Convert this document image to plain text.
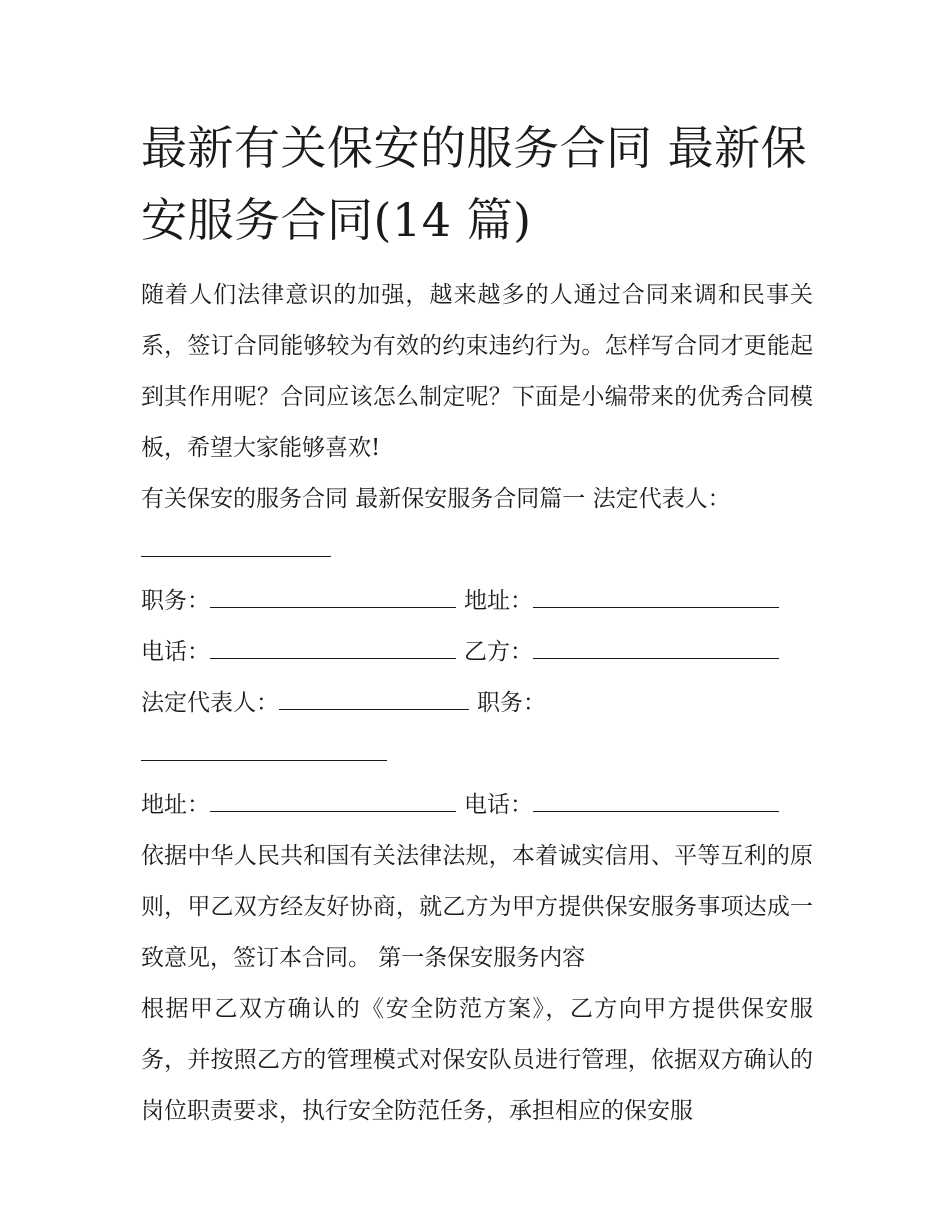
最新有关保安的服务合同 最新保安服务合同(14 篇)

随着人们法律意识的加强，越来越多的人通过合同来调和民事关系，签订合同能够较为有效的约束违约行为。怎样写合同才更能起到其作用呢？合同应该怎么制定呢？下面是小编带来的优秀合同模板，希望大家能够喜欢!

有关保安的服务合同 最新保安服务合同篇一 法定代表人：

职务：	地址：

电话：	乙方：

法定代表人：	职务：

地址：	电话：

依据中华人民共和国有关法律法规，本着诚实信用、平等互利的原则，甲乙双方经友好协商，就乙方为甲方提供保安服务事项达成一致意见，签订本合同。 第一条保安服务内容

根据甲乙双方确认的《安全防范方案》，乙方向甲方提供保安服务，并按照乙方的管理模式对保安队员进行管理，依据双方确认的岗位职责要求，执行安全防范任务，承担相应的保安服
